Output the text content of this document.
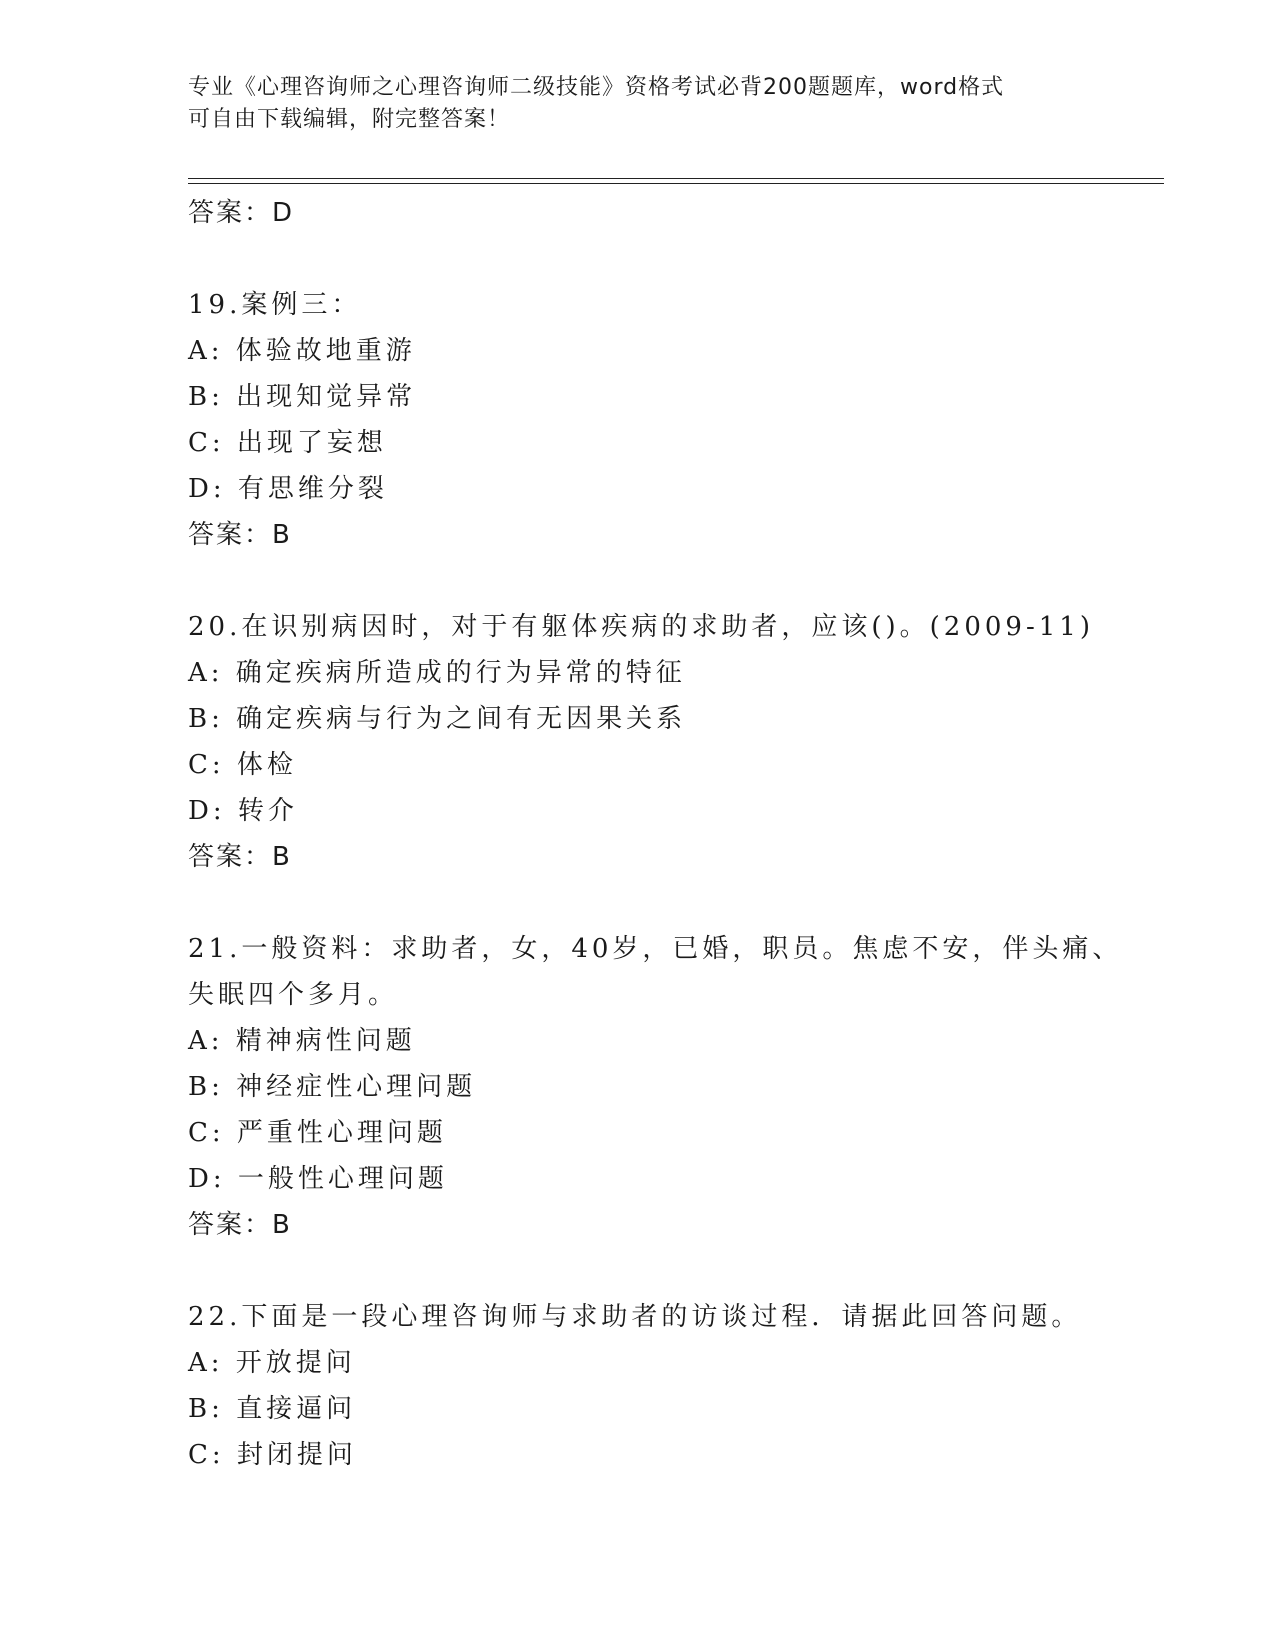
专业《心理咨询师之心理咨询师二级技能》资格考试必背200题题库，word格式
可自由下载编辑，附完整答案！
答案：D
19.案例三：
A: 体验故地重游
B: 出现知觉异常
C: 出现了妄想
D: 有思维分裂
答案：B
20.在识别病因时，对于有躯体疾病的求助者，应该()。(2009-11)
A: 确定疾病所造成的行为异常的特征
B: 确定疾病与行为之间有无因果关系
C: 体检
D: 转介
答案：B
21.一般资料：求助者，女，40岁，已婚，职员。焦虑不安，伴头痛、
失眠四个多月。
A: 精神病性问题
B: 神经症性心理问题
C: 严重性心理问题
D: 一般性心理问题
答案：B
22.下面是一段心理咨询师与求助者的访谈过程．请据此回答问题。
A: 开放提问
B: 直接逼问
C: 封闭提问
